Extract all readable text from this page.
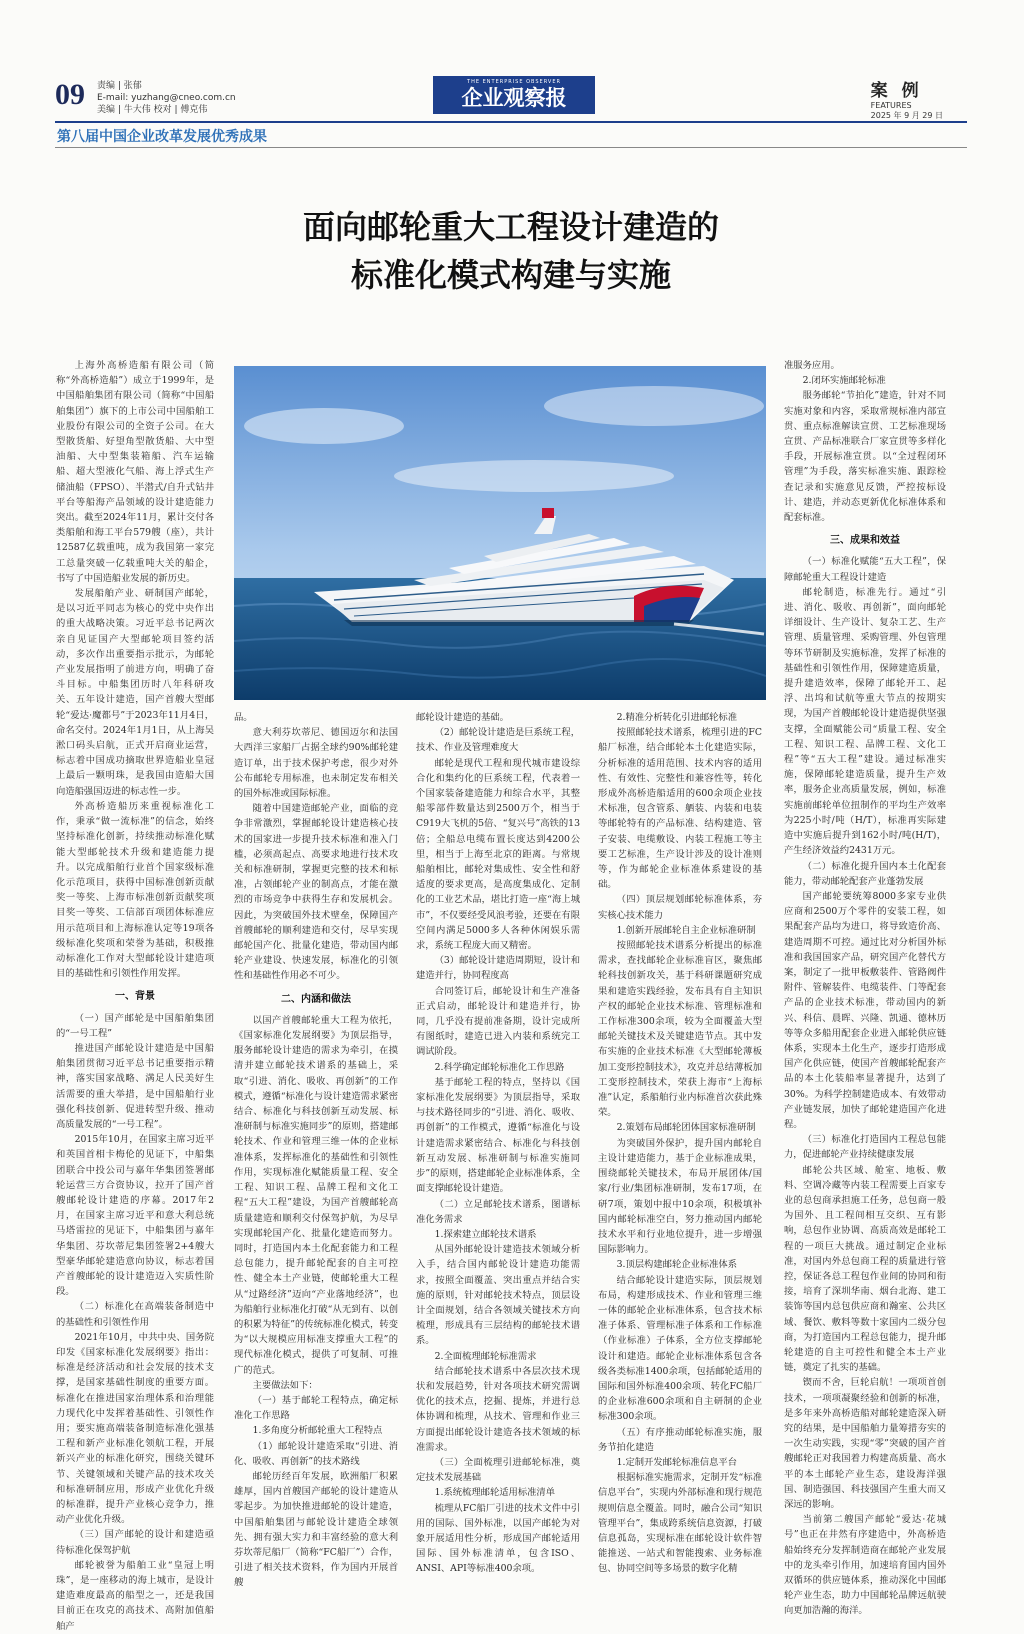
09 责编 | 张郁
E-mail: yuzhang@cneo.com.cn
美编 | 牛大伟 校对 | 傅克伟
THE ENTERPRISE OBSERVER
企业观察报	案例
FEATURES
2025 年 9 月 29 日
第八届中国企业改革发展优秀成果
面向邮轮重大工程设计建造的
标准化模式构建与实施

上海外高桥造船有限公司（简称“外高桥造船”）成立于1999年，是中国船舶集团有限公司（简称“中国船舶集团”）旗下的上市公司中国船舶工业股份有限公司的全资子公司。在大型散货船、好望角型散货船、大中型油船、大中型集装箱船、汽车运输船、超大型液化气船、海上浮式生产储油船（FPSO）、半潜式/自升式钻井平台等船海产品领域的设计建造能力突出。截至2024年11月，累计交付各类船舶和海工平台579艘（座），共计12587亿载重吨，成为我国第一家完工总量突破一亿载重吨大关的船企，书写了中国造船业发展的新历史。

发展船舶产业、研制国产邮轮，是以习近平同志为核心的党中央作出的重大战略决策。习近平总书记两次亲自见证国产大型邮轮项目签约活动，多次作出重要指示批示，为邮轮产业发展指明了前进方向，明确了奋斗目标。中船集团历时八年科研攻关、五年设计建造，国产首艘大型邮轮“爱达·魔都号”于2023年11月4日，命名交付。2024年1月1日，从上海吴淞口码头启航，正式开启商业运营，标志着中国成功摘取世界造船业皇冠上最后一颗明珠，是我国由造船大国向造船强国迈进的标志性一步。

外高桥造船历来重视标准化工作，秉承“做一流标准”的信念，始终坚持标准化创新，持续推动标准化赋能大型邮轮技术升级和建造能力提升。以完成船舶行业首个国家级标准化示范项目，获得中国标准创新贡献奖一等奖、上海市标准创新贡献奖项目奖一等奖、工信部百项团体标准应用示范项目和上海标准认定等19项各级标准化奖项和荣誉为基础，积极推动标准化工作对大型邮轮设计建造项目的基础性和引领性作用发挥。

一、背景

（一）国产邮轮是中国船舶集团的“一号工程”

推进国产邮轮设计建造是中国船舶集团贯彻习近平总书记重要指示精神，落实国家战略、满足人民美好生活需要的重大举措，是中国船舶行业强化科技创新、促进转型升级、推动高质量发展的“一号工程”。

2015年10月，在国家主席习近平和英国首相卡梅伦的见证下，中船集团联合中投公司与嘉年华集团签署邮轮运营三方合资协议，拉开了国产首艘邮轮设计建造的序幕。2017年2月，在国家主席习近平和意大利总统马塔雷拉的见证下，中船集团与嘉年华集团、芬坎蒂尼集团签署2+4艘大型豪华邮轮建造意向协议，标志着国产首艘邮轮的设计建造迈入实质性阶段。

（二）标准化在高端装备制造中的基础性和引领性作用

2021年10月，中共中央、国务院印发《国家标准化发展纲要》指出：标准是经济活动和社会发展的技术支撑，是国家基础性制度的重要方面。标准化在推进国家治理体系和治理能力现代化中发挥着基础性、引领性作用；要实施高端装备制造标准化强基工程和新产业标准化领航工程，开展新兴产业的标准化研究，围绕关键环节、关键领域和关键产品的技术攻关和标准研制应用，形成产业优化升级的标准群，提升产业核心竞争力，推动产业优化升级。

（三）国产邮轮的设计和建造亟待标准化保驾护航

邮轮被誉为船舶工业“皇冠上明珠”，是一座移动的海上城市，是设计建造难度最高的船型之一，还是我国目前正在攻克的高技术、高附加值船舶产

品。

意大利芬坎蒂尼、德国迈尔和法国大西洋三家船厂占据全球约90%邮轮建造订单，出于技术保护考虑，很少对外公布邮轮专用标准，也未制定发布相关的国外标准或国际标准。

随着中国建造邮轮产业，面临的竞争非常激烈，掌握邮轮设计建造核心技术的国家进一步提升技术标准和准入门槛，必须高起点、高要求地进行技术攻关和标准研制，掌握更完整的技术和标准，占领邮轮产业的制高点，才能在激烈的市场竞争中获得生存和发展机会。因此，为突破国外技术壁垒，保障国产首艘邮轮的顺利建造和交付，尽早实现邮轮国产化、批量化建造，带动国内邮轮产业建设、快速发展，标准化的引领性和基础性作用必不可少。

二、内涵和做法

以国产首艘邮轮重大工程为依托，《国家标准化发展纲要》为顶层指导，服务邮轮设计建造的需求为牵引，在摸清并建立邮轮技术谱系的基础上，采取“引进、消化、吸收、再创新”的工作模式，遵循“标准化与设计建造需求紧密结合、标准化与科技创新互动发展、标准研制与标准实施同步”的原则，搭建邮轮技术、作业和管理三维一体的企业标准体系，发挥标准化的基础性和引领性作用，实现标准化赋能质量工程、安全工程、知识工程、品牌工程和文化工程“五大工程”建设，为国产首艘邮轮高质量建造和顺利交付保驾护航，为尽早实现邮轮国产化、批量化建造而努力。同时，打造国内本土化配套能力和工程总包能力，提升邮轮配套的自主可控性、健全本土产业链，使邮轮重大工程从“过路经济”迈向“产业落地经济”，也为船舶行业标准化打破“从无到有、以创的积累为特征”的传统标准化模式，转变为“以大规模应用标准支撑重大工程”的现代标准化模式，提供了可复制、可推广的范式。

主要做法如下：

（一）基于邮轮工程特点，确定标准化工作思路

1.多角度分析邮轮重大工程特点

（1）邮轮设计建造采取“引进、消化、吸收、再创新”的技术路线

邮轮历经百年发展，欧洲船厂积累雄厚，国内首艘国产邮轮的设计建造从零起步。为加快推进邮轮的设计建造，中国船舶集团与邮轮设计建造全球领先、拥有强大实力和丰富经验的意大利芬坎蒂尼船厂（简称“FC船厂”）合作，引进了相关技术资料，作为国内开展首艘

邮轮设计建造的基础。

（2）邮轮设计建造是巨系统工程，技术、作业及管理难度大

邮轮是现代工程和现代城市建设综合化和集约化的巨系统工程，代表着一个国家装备建造能力和综合水平，其整船零部件数量达到2500万个，相当于C919大飞机的5倍、“复兴号”高铁的13倍；全船总电缆布置长度达到4200公里，相当于上海至北京的距离。与常规船舶相比，邮轮对集成性、安全性和舒适度的要求更高，是高度集成化、定制化的工业艺术品，堪比打造一座“海上城市”，不仅要经受风浪考验，还要在有限空间内满足5000多人各种休闲娱乐需求，系统工程庞大而又精密。

（3）邮轮设计建造周期短，设计和建造并行，协同程度高

合同签订后，邮轮设计和生产准备正式启动，邮轮设计和建造并行，协同，几乎没有提前准备期，设计完成所有图纸时，建造已进入内装和系统完工调试阶段。

2.科学确定邮轮标准化工作思路

基于邮轮工程的特点，坚持以《国家标准化发展纲要》为顶层指导，采取与技术路径同步的“引进、消化、吸收、再创新”的工作模式，遵循“标准化与设计建造需求紧密结合、标准化与科技创新互动发展、标准研制与标准实施同步”的原则，搭建邮轮企业标准体系，全面支撑邮轮设计建造。

（二）立足邮轮技术谱系，图谱标准化务需求

1.探索建立邮轮技术谱系

从国外邮轮设计建造技术领域分析入手，结合国内邮轮设计建造功能需求，按照全面覆盖、突出重点并结合实施的原则，针对邮轮技术特点，顶层设计全面规划，结合各领域关键技术方向梳理，形成具有三层结构的邮轮技术谱系。

2.全面梳理邮轮标准需求

结合邮轮技术谱系中各层次技术现状和发展趋势，针对各项技术研究需调优化的技术点，挖掘、提炼，并进行总体协调和梳理，从技术、管理和作业三方面提出邮轮设计建造各技术领域的标准需求。

（三）全面梳理引进邮轮标准，奠定技术发展基础

1.系统梳理邮轮适用标准清单

梳理从FC船厂引进的技术文件中引用的国际、国外标准，以国产邮轮为对象开展适用性分析，形成国产邮轮适用国际、国外标准清单，包含ISO、ANSI、API等标准400余项。

2.精准分析转化引进邮轮标准

按照邮轮技术谱系，梳理引进的FC船厂标准，结合邮轮本土化建造实际，分析标准的适用范围、技术内容的适用性、有效性、完整性和兼容性等，转化形成外高桥造船适用的600余项企业技术标准，包含管系、舾装、内装和电装等邮轮特有的产品标准、结构建造、管子安装、电缆敷设、内装工程施工等主要工艺标准，生产设计涉及的设计准则等，作为邮轮企业标准体系建设的基础。

（四）顶层规划邮轮标准体系，夯实核心技术能力

1.创新开展邮轮自主企业标准研制

按照邮轮技术谱系分析提出的标准需求，查找邮轮企业标准盲区，聚焦邮轮科技创新攻关，基于科研课题研究成果和建造实践经验，发布具有自主知识产权的邮轮企业技术标准、管理标准和工作标准300余项，较为全面覆盖大型邮轮关键技术及关键建造节点。其中发布实施的企业技术标准《大型邮轮薄板加工变形控制技术》，攻克并总结薄板加工变形控制技术，荣获上海市“上海标准”认定，系船舶行业内标准首次获此殊荣。

2.策划布局邮轮团体国家标准研制

为突破国外保护，提升国内邮轮自主设计建造能力，基于企业标准成果，围绕邮轮关键技术，布局开展团体/国家/行业/集团标准研制，发布17项，在研7项，策划中报中10余项，积极填补国内邮轮标准空白，努力推动国内邮轮技术水平和行业地位提升，进一步增强国际影响力。

3.顶层构建邮轮企业标准体系

结合邮轮设计建造实际，顶层规划布局，构建形成技术、作业和管理三维一体的邮轮企业标准体系，包含技术标准子体系、管理标准子体系和工作标准（作业标准）子体系，全方位支撑邮轮设计和建造。邮轮企业标准体系包含各级各类标准1400余项，包括邮轮适用的国际和国外标准400余项、转化FC船厂的企业标准600余项和自主研制的企业标准300余项。

（五）有序推动邮轮标准实施，服务节拍化建造

1.定制开发邮轮标准信息平台

根据标准实施需求，定制开发“标准信息平台”，实现内外部标准和现行规范规则信息全覆盖。同时，融合公司“知识管理平台”，集成跨系统信息资源，打破信息孤岛，实现标准在邮轮设计软件智能推送、一站式和智能搜索、业务标准包、协同空间等多场景的数字化精

准服务应用。

2.闭环实施邮轮标准

服务邮轮“节拍化”建造，针对不同实施对象和内容，采取常规标准内部宣贯、重点标准解读宣贯、工艺标准现场宣贯、产品标准联合厂家宣贯等多样化手段，开展标准宣贯。以“全过程闭环管理”为手段，落实标准实施、跟踪检查记录和实施意见反馈，严控按标设计、建造，并动态更新优化标准体系和配套标准。

三、成果和效益

（一）标准化赋能“五大工程”，保障邮轮重大工程设计建造

邮轮制造，标准先行。通过“引进、消化、吸收、再创新”，面向邮轮详细设计、生产设计、复杂工艺、生产管理、质量管理、采购管理、外包管理等环节研制及实施标准，发挥了标准的基础性和引领性作用，保障建造质量，提升建造效率，保障了邮轮开工、起浮、出坞和试航等重大节点的按期实现，为国产首艘邮轮设计建造提供坚强支撑，全面赋能公司“质量工程、安全工程、知识工程、品牌工程、文化工程”等“五大工程”建设。通过标准实施，保障邮轮建造质量，提升生产效率，服务企业高质量发展，例如，标准实施前邮轮单位扭制作的平均生产效率为225小时/吨（H/T），标准再实际建造中实施后提升到162小时/吨(H/T)，产生经济效益约2431万元。

（二）标准化提升国内本土化配套能力，带动邮轮配套产业蓬勃发展

国产邮轮要统筹8000多家专业供应商和2500万个零件的安装工程，如果配套产品均为进口，将导致造价高、建造周期不可控。通过比对分析国外标准和我国国家产品，研究国产化替代方案，制定了一批甲板敷装件、管路阀件附件、管解装件、电缆装件、门等配套产品的企业技术标准，带动国内的新兴、科信、晨晖、兴隆、凯通、德林历等等众多船用配套企业进入邮轮供应链体系，实现本土化生产，逐步打造形成国产化供应链，使国产首艘邮轮配套产品的本土化装船率显著提升，达到了30%。为科学控制建造成本、有效带动产业链发展，加快了邮轮建造国产化进程。

（三）标准化打造国内工程总包能力，促进邮轮产业持续健康发展

邮轮公共区域、舱室、地板、敷料、空调冷藏等内装工程需要上百家专业的总包商承担施工任务，总包商一般为国外、且工程间相互交织、互有影响，总包作业协调、高质高效是邮轮工程的一项巨大挑战。通过制定企业标准，对国内外总包商工程的质量进行管控，保证各总工程包作业间的协同和衔接，培育了深圳华南、烟台北海、建工装饰等国内总包供应商和瀚室、公共区域、餐饮、敷料等数十家国内二级分包商，为打造国内工程总包能力，提升邮轮建造的自主可控性和健全本土产业链，奠定了扎实的基础。

锲而不舍，巨轮启航！一项项首创技术，一项项凝聚经验和创新的标准，是多年来外高桥造船对邮轮建造深入研究的结果，是中国船舶力量筹措夯实的一次生动实践，实现“零”突破的国产首艘邮轮正对我国着力构建高质量、高水平的本土邮轮产业生态，建设海洋强国、制造强国、科技强国产生重大而又深远的影响。

当前第二艘国产邮轮“爱达·花城号”也正在井然有序建造中，外高桥造船始终充分发挥制造商在邮轮产业发展中的龙头牵引作用，加速培育国内国外双循环的供应链体系，推动深化中国邮轮产业生态，助力中国邮轮品牌远航驶向更加浩瀚的海洋。
